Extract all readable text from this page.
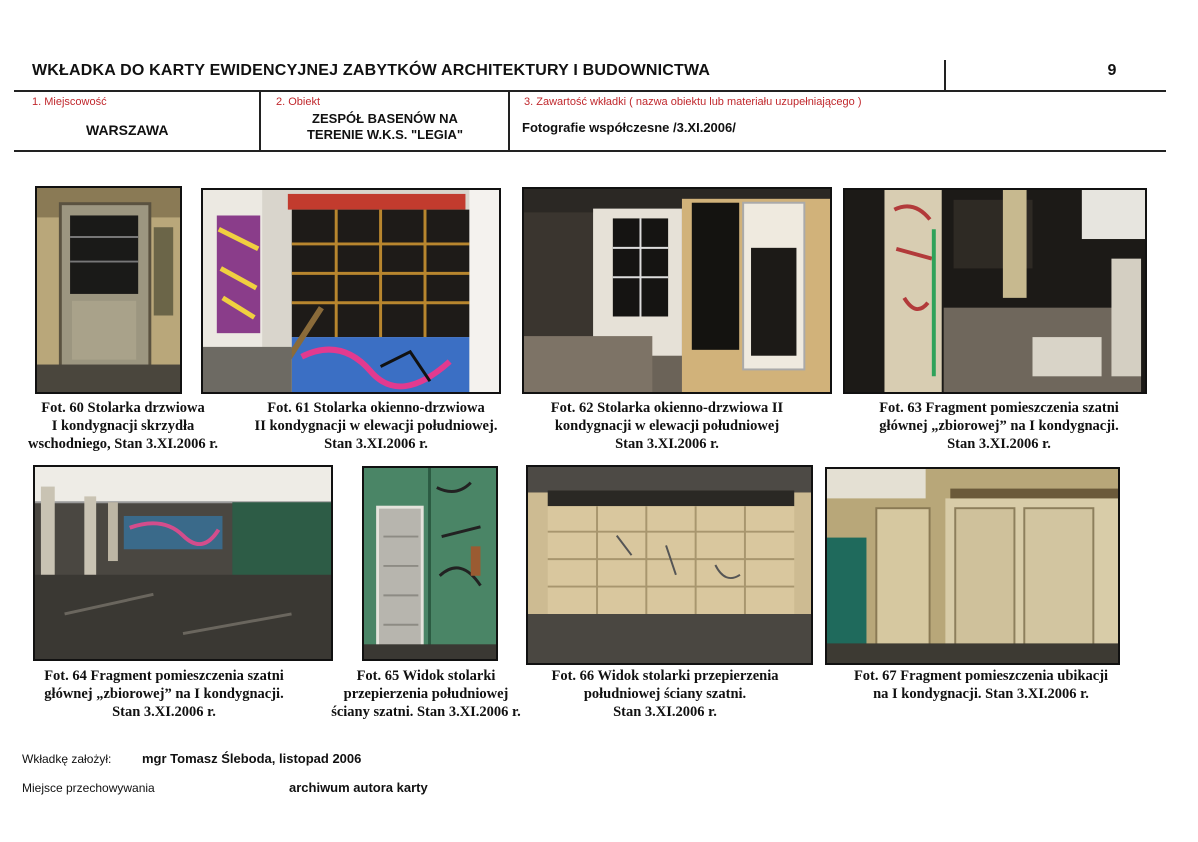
WKŁADKA DO KARTY EWIDENCYJNEJ ZABYTKÓW ARCHITEKTURY I BUDOWNICTWA	9
1. Miejscowość
WARSZAWA
2. Obiekt
ZESPÓŁ BASENÓW NA
TERENIE W.K.S. "LEGIA"
3. Zawartość wkładki ( nazwa obiektu lub materiału uzupełniającego )
Fotografie współczesne /3.XI.2006/
Fot. 60 Stolarka drzwiowa
I kondygnacji skrzydła
wschodniego, Stan 3.XI.2006 r.
Fot. 61 Stolarka okienno-drzwiowa
II kondygnacji w elewacji południowej.
Stan 3.XI.2006 r.
Fot. 62 Stolarka okienno-drzwiowa II
kondygnacji w elewacji południowej
Stan 3.XI.2006 r.
Fot. 63 Fragment pomieszczenia szatni
głównej „zbiorowej” na I kondygnacji.
Stan 3.XI.2006 r.
Fot. 64 Fragment pomieszczenia szatni
głównej „zbiorowej” na I kondygnacji.
Stan 3.XI.2006 r.
Fot. 65 Widok stolarki
przepierzenia południowej
ściany szatni. Stan 3.XI.2006 r.
Fot. 66 Widok stolarki przepierzenia
południowej ściany szatni.
Stan 3.XI.2006 r.
Fot. 67 Fragment pomieszczenia ubikacji
na I kondygnacji. Stan 3.XI.2006 r.
Wkładkę założył: mgr Tomasz Śleboda, listopad 2006
Miejsce przechowywania	archiwum autora karty
